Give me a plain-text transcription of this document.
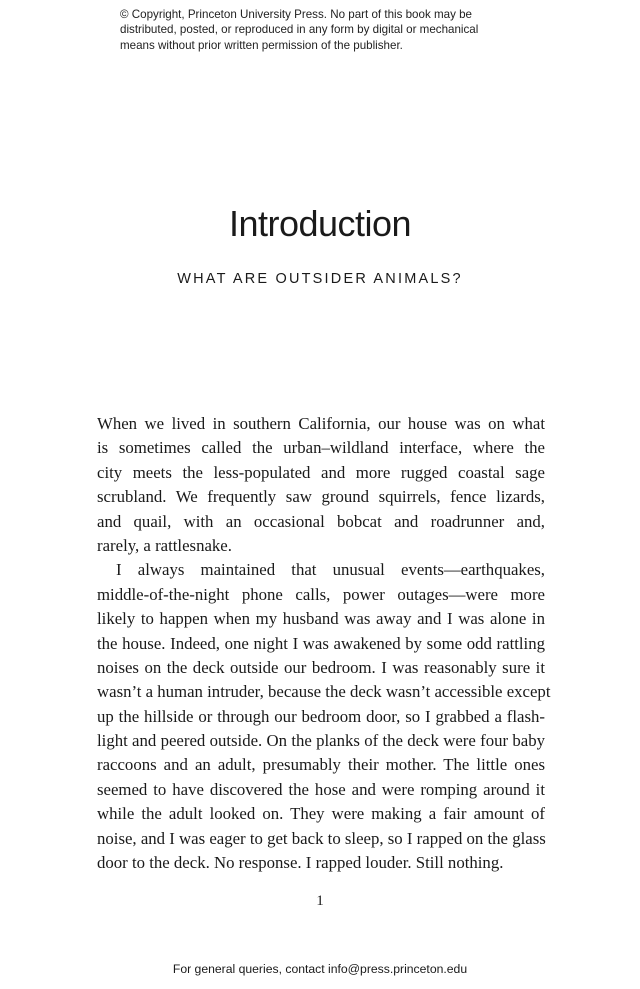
© Copyright, Princeton University Press. No part of this book may be
distributed, posted, or reproduced in any form by digital or mechanical
means without prior written permission of the publisher.
Introduction
WHAT ARE OUTSIDER ANIMALS?
When we lived in southern California, our house was on what
is sometimes called the urban–wildland interface, where the
city meets the less-populated and more rugged coastal sage
scrubland. We frequently saw ground squirrels, fence lizards,
and quail, with an occasional bobcat and roadrunner and,
rarely, a rattlesnake.
I always maintained that unusual events—earthquakes,
middle-of-the-night phone calls, power outages—were more
likely to happen when my husband was away and I was alone in
the house. Indeed, one night I was awakened by some odd rattling
noises on the deck outside our bedroom. I was reasonably sure it
wasn’t a human intruder, because the deck wasn’t accessible except
up the hillside or through our bedroom door, so I grabbed a flash-
light and peered outside. On the planks of the deck were four baby
raccoons and an adult, presumably their mother. The little ones
seemed to have discovered the hose and were romping around it
while the adult looked on. They were making a fair amount of
noise, and I was eager to get back to sleep, so I rapped on the glass
door to the deck. No response. I rapped louder. Still nothing.
1
For general queries, contact info@press.princeton.edu
